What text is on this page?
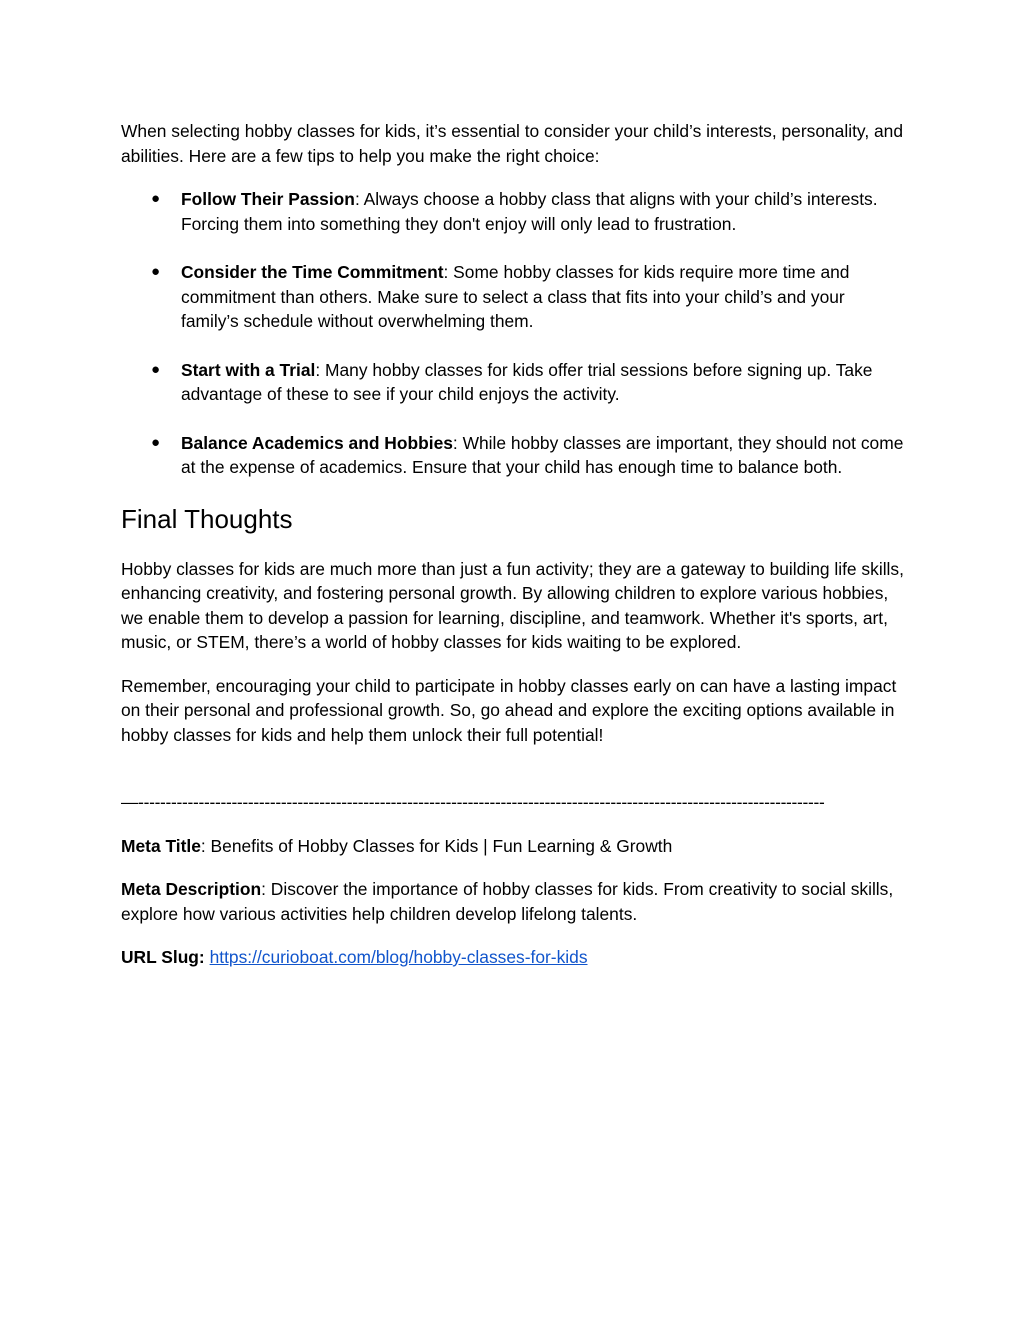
When selecting hobby classes for kids, it’s essential to consider your child’s interests, personality, and abilities. Here are a few tips to help you make the right choice:

● Follow Their Passion: Always choose a hobby class that aligns with your child’s interests. Forcing them into something they don't enjoy will only lead to frustration.
● Consider the Time Commitment: Some hobby classes for kids require more time and commitment than others. Make sure to select a class that fits into your child’s and your family’s schedule without overwhelming them.
● Start with a Trial: Many hobby classes for kids offer trial sessions before signing up. Take advantage of these to see if your child enjoys the activity.
● Balance Academics and Hobbies: While hobby classes are important, they should not come at the expense of academics. Ensure that your child has enough time to balance both.
Final Thoughts

Hobby classes for kids are much more than just a fun activity; they are a gateway to building life skills, enhancing creativity, and fostering personal growth. By allowing children to explore various hobbies, we enable them to develop a passion for learning, discipline, and teamwork. Whether it's sports, art, music, or STEM, there’s a world of hobby classes for kids waiting to be explored.

Remember, encouraging your child to participate in hobby classes early on can have a lasting impact on their personal and professional growth. So, go ahead and explore the exciting options available in hobby classes for kids and help them unlock their full potential!

—-----------------------------------------------------------------------------------------------------------------------------

Meta Title: Benefits of Hobby Classes for Kids | Fun Learning & Growth

Meta Description: Discover the importance of hobby classes for kids. From creativity to social skills, explore how various activities help children develop lifelong talents.

URL Slug: https://curioboat.com/blog/hobby-classes-for-kids
